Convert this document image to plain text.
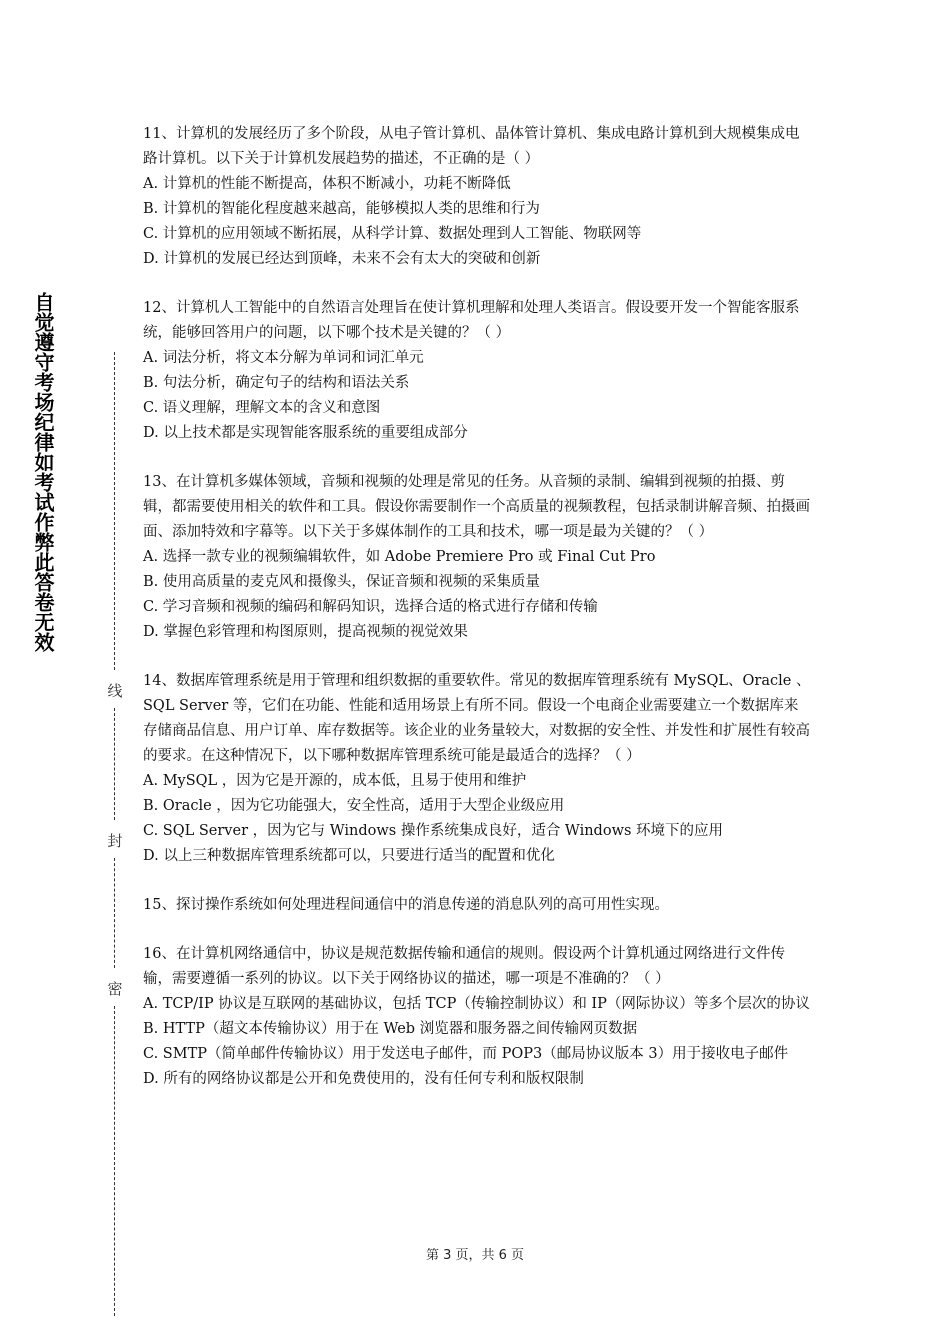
自觉遵守考场纪律如考试作弊此答卷无效
线
封
密

11、计算机的发展经历了多个阶段，从电子管计算机、晶体管计算机、集成电路计算机到大规模集成电路计算机。以下关于计算机发展趋势的描述，不正确的是（ ）

A. 计算机的性能不断提高，体积不断减小，功耗不断降低

B. 计算机的智能化程度越来越高，能够模拟人类的思维和行为

C. 计算机的应用领域不断拓展，从科学计算、数据处理到人工智能、物联网等

D. 计算机的发展已经达到顶峰，未来不会有太大的突破和创新

12、计算机人工智能中的自然语言处理旨在使计算机理解和处理人类语言。假设要开发一个智能客服系统，能够回答用户的问题，以下哪个技术是关键的？（ ）

A. 词法分析，将文本分解为单词和词汇单元

B. 句法分析，确定句子的结构和语法关系

C. 语义理解，理解文本的含义和意图

D. 以上技术都是实现智能客服系统的重要组成部分

13、在计算机多媒体领域，音频和视频的处理是常见的任务。从音频的录制、编辑到视频的拍摄、剪辑，都需要使用相关的软件和工具。假设你需要制作一个高质量的视频教程，包括录制讲解音频、拍摄画面、添加特效和字幕等。以下关于多媒体制作的工具和技术，哪一项是最为关键的？（ ）

A. 选择一款专业的视频编辑软件，如 Adobe Premiere Pro 或 Final Cut Pro

B. 使用高质量的麦克风和摄像头，保证音频和视频的采集质量

C. 学习音频和视频的编码和解码知识，选择合适的格式进行存储和传输

D. 掌握色彩管理和构图原则，提高视频的视觉效果

14、数据库管理系统是用于管理和组织数据的重要软件。常见的数据库管理系统有 MySQL、Oracle 、SQL Server 等，它们在功能、性能和适用场景上有所不同。假设一个电商企业需要建立一个数据库来存储商品信息、用户订单、库存数据等。该企业的业务量较大，对数据的安全性、并发性和扩展性有较高的要求。在这种情况下，以下哪种数据库管理系统可能是最适合的选择？（ ）

A. MySQL ，因为它是开源的，成本低，且易于使用和维护

B. Oracle ，因为它功能强大，安全性高，适用于大型企业级应用

C. SQL Server ，因为它与 Windows 操作系统集成良好，适合 Windows 环境下的应用

D. 以上三种数据库管理系统都可以，只要进行适当的配置和优化

15、探讨操作系统如何处理进程间通信中的消息传递的消息队列的高可用性实现。

16、在计算机网络通信中，协议是规范数据传输和通信的规则。假设两个计算机通过网络进行文件传输，需要遵循一系列的协议。以下关于网络协议的描述，哪一项是不准确的？（ ）

A. TCP/IP 协议是互联网的基础协议，包括 TCP（传输控制协议）和 IP（网际协议）等多个层次的协议

B. HTTP（超文本传输协议）用于在 Web 浏览器和服务器之间传输网页数据

C. SMTP（简单邮件传输协议）用于发送电子邮件，而 POP3（邮局协议版本 3）用于接收电子邮件

D. 所有的网络协议都是公开和免费使用的，没有任何专利和版权限制

第 3 页，共 6 页
